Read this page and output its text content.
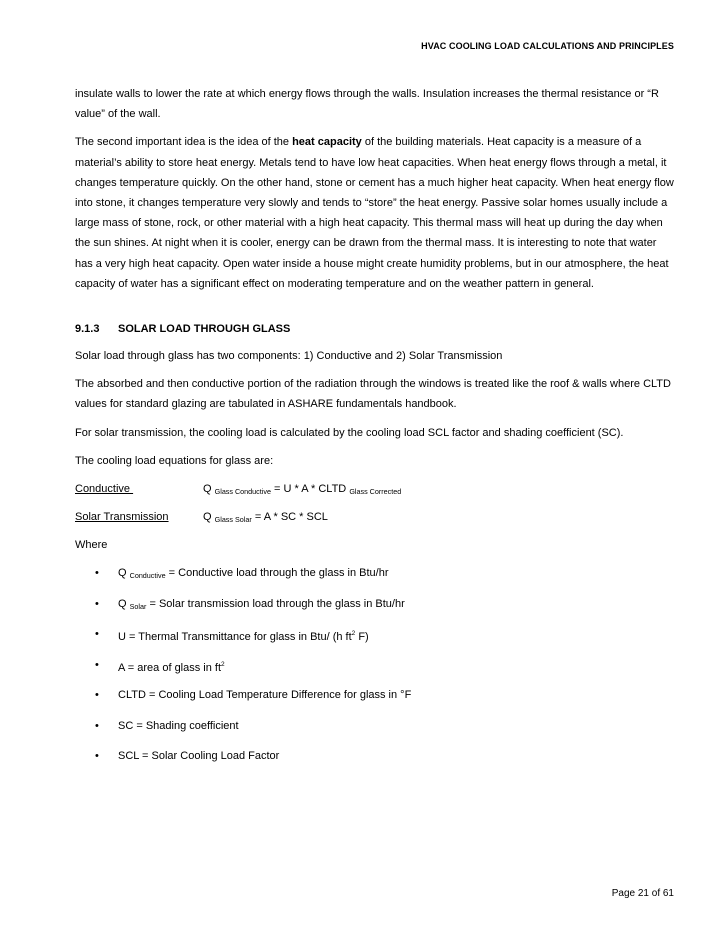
HVAC COOLING LOAD CALCULATIONS AND PRINCIPLES

insulate walls to lower the rate at which energy flows through the walls. Insulation increases the thermal resistance or “R value” of the wall.

The second important idea is the idea of the heat capacity of the building materials. Heat capacity is a measure of a material’s ability to store heat energy. Metals tend to have low heat capacities. When heat energy flows through a metal, it changes temperature quickly. On the other hand, stone or cement has a much higher heat capacity. When heat energy flow into stone, it changes temperature very slowly and tends to “store” the heat energy. Passive solar homes usually include a large mass of stone, rock, or other material with a high heat capacity. This thermal mass will heat up during the day when the sun shines. At night when it is cooler, energy can be drawn from the thermal mass. It is interesting to note that water has a very high heat capacity. Open water inside a house might create humidity problems, but in our atmosphere, the heat capacity of water has a significant effect on moderating temperature and on the weather pattern in general.

9.1.3 SOLAR LOAD THROUGH GLASS

Solar load through glass has two components: 1) Conductive and 2) Solar Transmission

The absorbed and then conductive portion of the radiation through the windows is treated like the roof & walls where CLTD values for standard glazing are tabulated in ASHARE fundamentals handbook.

For solar transmission, the cooling load is calculated by the cooling load SCL factor and shading coefficient (SC).

The cooling load equations for glass are:

Conductive	Q $_{Glass Conductive}$ = U * A * CLTD $_{Glass Corrected}$
Solar Transmission	Q $_{Glass Solar}$ = A * SC * SCL

Where

• Q $_{Conductive}$ = Conductive load through the glass in Btu/hr
• Q $_{Solar}$ = Solar transmission load through the glass in Btu/hr
• U = Thermal Transmittance for glass in Btu/ (h $ft^2$ F)
• A = area of glass in $ft^2$
• CLTD = Cooling Load Temperature Difference for glass in °F
• SC = Shading coefficient
• SCL = Solar Cooling Load Factor
Page 21 of 61
